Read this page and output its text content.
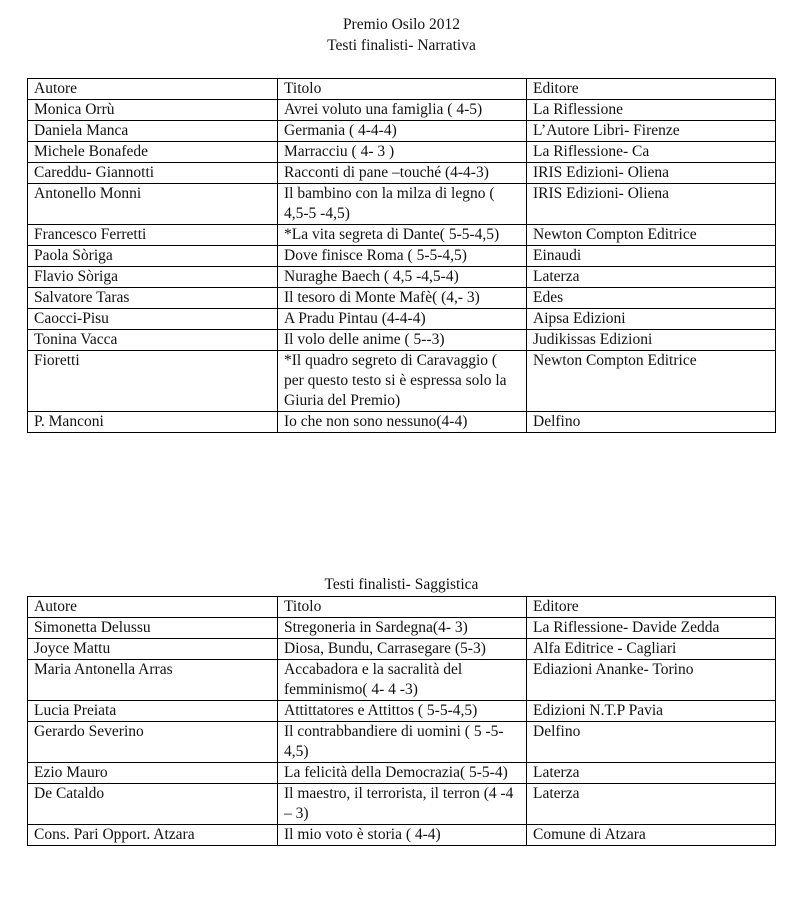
Premio Osilo 2012
Testi finalisti- Narrativa
Autore	Titolo	Editore
Monica Orrù	Avrei voluto una famiglia ( 4-5)	La Riflessione
Daniela Manca	Germania ( 4-4-4)	L’Autore Libri- Firenze
Michele Bonafede	Marracciu ( 4- 3 )	La Riflessione- Ca
Careddu- Giannotti	Racconti di pane –touché (4-4-3)	IRIS Edizioni- Oliena
Antonello Monni	Il bambino con la milza di legno ( 4,5-5 -4,5)	IRIS Edizioni- Oliena
Francesco Ferretti	*La vita segreta di Dante( 5-5-4,5)	Newton Compton Editrice
Paola Sòriga	Dove finisce Roma ( 5-5-4,5)	Einaudi
Flavio Sòriga	Nuraghe Baech ( 4,5 -4,5-4)	Laterza
Salvatore Taras	Il tesoro di Monte Mafè( (4,- 3)	Edes
Caocci-Pisu	A Pradu Pintau (4-4-4)	Aipsa Edizioni
Tonina Vacca	Il volo delle anime ( 5--3)	Judikissas Edizioni
Fioretti	*Il quadro segreto di Caravaggio ( per questo testo si è espressa solo la Giuria del Premio)	Newton Compton Editrice
P. Manconi	Io che non sono nessuno(4-4)	Delfino
Testi finalisti- Saggistica
Autore	Titolo	Editore
Simonetta Delussu	Stregoneria in Sardegna(4- 3)	La Riflessione- Davide Zedda
Joyce Mattu	Diosa, Bundu, Carrasegare (5-3)	Alfa Editrice - Cagliari
Maria Antonella Arras	Accabadora e la sacralità del femminismo( 4- 4 -3)	Ediazioni Ananke- Torino
Lucia Preiata	Attittatores e Attittos ( 5-5-4,5)	Edizioni N.T.P Pavia
Gerardo Severino	Il contrabbandiere di uomini ( 5 -5-4,5)	Delfino
Ezio Mauro	La felicità della Democrazia( 5-5-4)	Laterza
De Cataldo	Il maestro, il terrorista, il terron (4 -4 – 3)	Laterza
Cons. Pari Opport. Atzara	Il mio voto è storia ( 4-4)	Comune di Atzara
